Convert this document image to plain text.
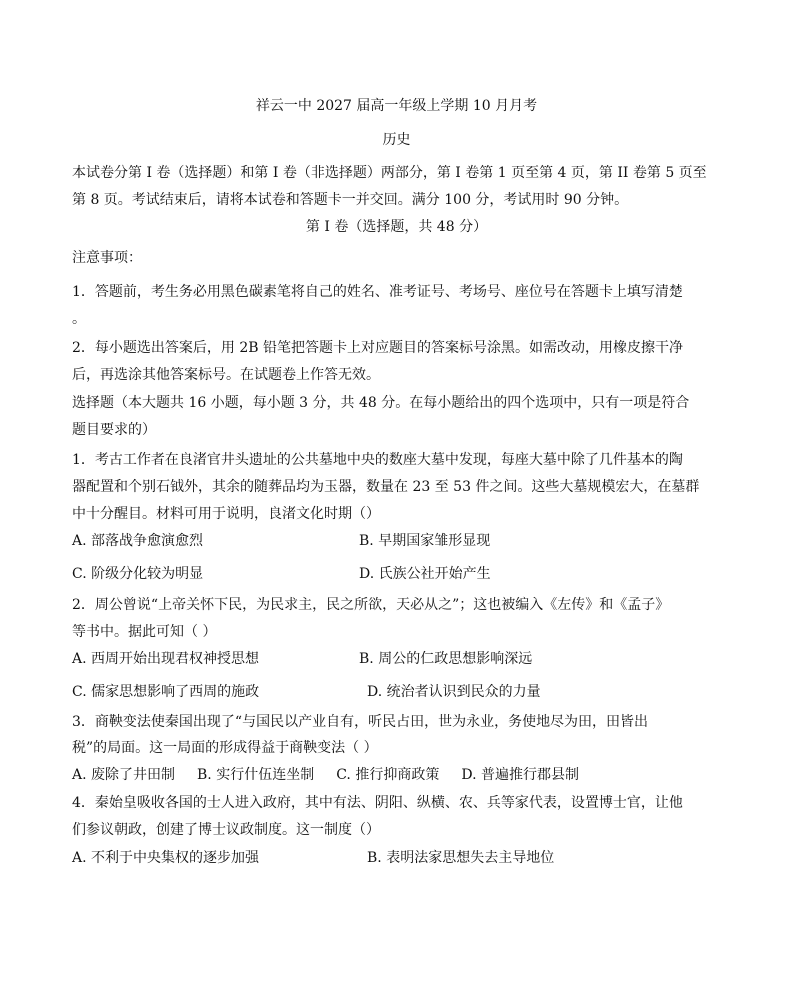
祥云一中 2027 届高一年级上学期 10 月月考
历史
本试卷分第 I 卷（选择题）和第 I 卷（非选择题）两部分，第 I 卷第 1 页至第 4 页，第 II 卷第 5 页至
第 8 页。考试结束后，请将本试卷和答题卡一并交回。满分 100 分，考试用时 90 分钟。
第 I 卷（选择题，共 48 分）
注意事项：
1．答题前，考生务必用黑色碳素笔将自己的姓名、准考证号、考场号、座位号在答题卡上填写清楚
。
2．每小题选出答案后，用 2B 铅笔把答题卡上对应题目的答案标号涂黑。如需改动，用橡皮擦干净
后，再选涂其他答案标号。在试题卷上作答无效。
选择题（本大题共 16 小题，每小题 3 分，共 48 分。在每小题给出的四个选项中，只有一项是符合
题目要求的）
1．考古工作者在良渚官井头遗址的公共墓地中央的数座大墓中发现，每座大墓中除了几件基本的陶
器配置和个别石钺外，其余的随葬品均为玉器，数量在 23 至 53 件之间。这些大墓规模宏大，在墓群
中十分醒目。材料可用于说明，良渚文化时期（）
A. 部落战争愈演愈烈	B. 早期国家雏形显现
C. 阶级分化较为明显	D. 氏族公社开始产生
2．周公曾说“上帝关怀下民，为民求主，民之所欲，天必从之”；这也被编入《左传》和《孟子》
等书中。据此可知（ ）
A. 西周开始出现君权神授思想	B. 周公的仁政思想影响深远
C. 儒家思想影响了西周的施政	D. 统治者认识到民众的力量
3．商鞅变法使秦国出现了“与国民以产业自有，听民占田，世为永业，务使地尽为田，田皆出
税”的局面。这一局面的形成得益于商鞅变法（ ）
A. 废除了井田制 B. 实行什伍连坐制 C. 推行抑商政策 D. 普遍推行郡县制
4．秦始皇吸收各国的士人进入政府，其中有法、阴阳、纵横、农、兵等家代表，设置博士官，让他
们参议朝政，创建了博士议政制度。这一制度（）
A. 不利于中央集权的逐步加强	B. 表明法家思想失去主导地位
